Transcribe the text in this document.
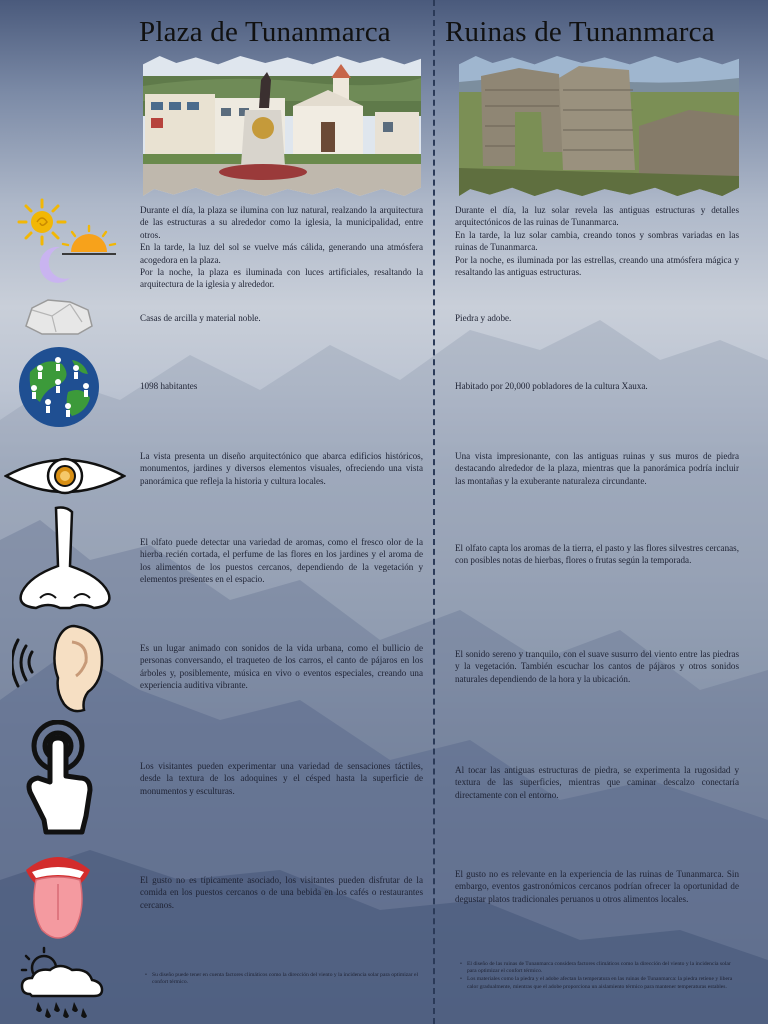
Plaza de Tunanmarca Ruinas de Tunanmarca

Durante el día, la plaza se ilumina con luz natural, realzando la arquitectura de las estructuras a su alrededor como la iglesia, la municipalidad, entre otros.

En la tarde, la luz del sol se vuelve más cálida, generando una atmósfera acogedora en la plaza.

Por la noche, la plaza es iluminada con luces artificiales, resaltando la arquitectura de la iglesia y alrededor.

Casas de arcilla y material noble.
1098 habitantes
La vista presenta un diseño arquitectónico que abarca edificios históricos, monumentos, jardines y diversos elementos visuales, ofreciendo una vista panorámica que refleja la historia y cultura locales.
El olfato puede detectar una variedad de aromas, como el fresco olor de la hierba recién cortada, el perfume de las flores en los jardines y el aroma de los alimentos de los puestos cercanos, dependiendo de la vegetación y elementos presentes en el espacio.
Es un lugar animado con sonidos de la vida urbana, como el bullicio de personas conversando, el traqueteo de los carros, el canto de pájaros en los árboles y, posiblemente, música en vivo o eventos especiales, creando una experiencia auditiva vibrante.
Los visitantes pueden experimentar una variedad de sensaciones táctiles, desde la textura de los adoquines y el césped hasta la superficie de monumentos y esculturas.
El gusto no es típicamente asociado, los visitantes pueden disfrutar de la comida en los puestos cercanos o de una bebida en los cafés o restaurantes cercanos.
• Su diseño puede tener en cuenta factores climáticos como la dirección del viento y la incidencia solar para optimizar el confort térmico.

Durante el día, la luz solar revela las antiguas estructuras y detalles arquitectónicos de las ruinas de Tunanmarca.

En la tarde, la luz solar cambia, creando tonos y sombras variadas en las ruinas de Tunanmarca.

Por la noche, es iluminada por las estrellas, creando una atmósfera mágica y resaltando las antiguas estructuras.

Piedra y adobe.
Habitado por 20,000 pobladores de la cultura Xauxa.
Una vista impresionante, con las antiguas ruinas y sus muros de piedra destacando alrededor de la plaza, mientras que la panorámica podría incluir las montañas y la exuberante naturaleza circundante.
El olfato capta los aromas de la tierra, el pasto y las flores silvestres cercanas, con posibles notas de hierbas, flores o frutas según la temporada.
El sonido sereno y tranquilo, con el suave susurro del viento entre las piedras y la vegetación. También escuchar los cantos de pájaros y otros sonidos naturales dependiendo de la hora y la ubicación.
Al tocar las antiguas estructuras de piedra, se experimenta la rugosidad y textura de las superficies, mientras que caminar descalzo conectaría directamente con el entorno.
El gusto no es relevante en la experiencia de las ruinas de Tunanmarca. Sin embargo, eventos gastronómicos cercanos podrían ofrecer la oportunidad de degustar platos tradicionales peruanos u otros alimentos locales.
• El diseño de las ruinas de Tunanmarca considera factores climáticos como la dirección del viento y la incidencia solar para optimizar el confort térmico.
• Los materiales como la piedra y el adobe afectan la temperatura en las ruinas de Tunanmarca: la piedra retiene y libera calor gradualmente, mientras que el adobe proporciona un aislamiento térmico para mantener temperaturas estables.
